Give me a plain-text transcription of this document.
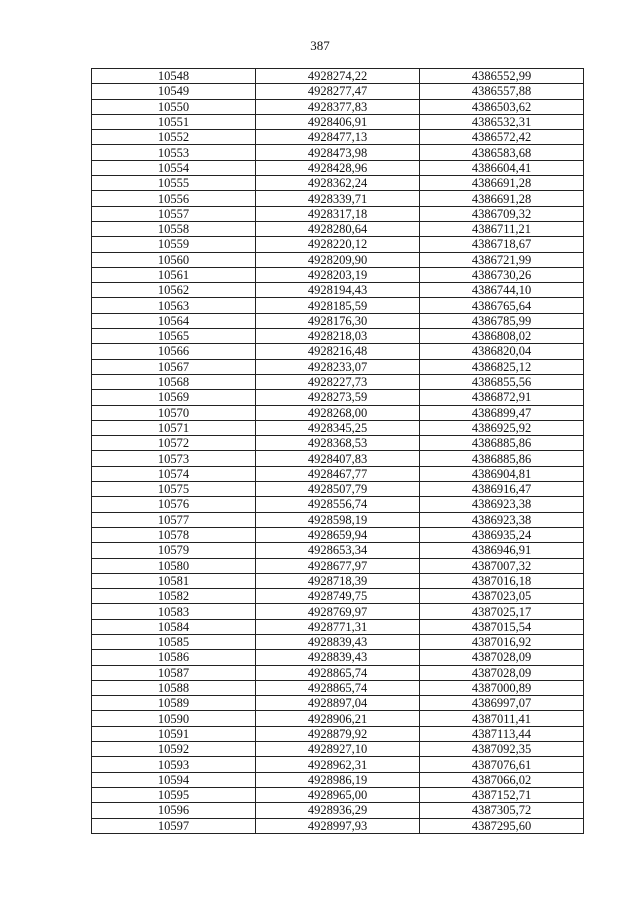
387
10548	4928274,22	4386552,99
10549	4928277,47	4386557,88
10550	4928377,83	4386503,62
10551	4928406,91	4386532,31
10552	4928477,13	4386572,42
10553	4928473,98	4386583,68
10554	4928428,96	4386604,41
10555	4928362,24	4386691,28
10556	4928339,71	4386691,28
10557	4928317,18	4386709,32
10558	4928280,64	4386711,21
10559	4928220,12	4386718,67
10560	4928209,90	4386721,99
10561	4928203,19	4386730,26
10562	4928194,43	4386744,10
10563	4928185,59	4386765,64
10564	4928176,30	4386785,99
10565	4928218,03	4386808,02
10566	4928216,48	4386820,04
10567	4928233,07	4386825,12
10568	4928227,73	4386855,56
10569	4928273,59	4386872,91
10570	4928268,00	4386899,47
10571	4928345,25	4386925,92
10572	4928368,53	4386885,86
10573	4928407,83	4386885,86
10574	4928467,77	4386904,81
10575	4928507,79	4386916,47
10576	4928556,74	4386923,38
10577	4928598,19	4386923,38
10578	4928659,94	4386935,24
10579	4928653,34	4386946,91
10580	4928677,97	4387007,32
10581	4928718,39	4387016,18
10582	4928749,75	4387023,05
10583	4928769,97	4387025,17
10584	4928771,31	4387015,54
10585	4928839,43	4387016,92
10586	4928839,43	4387028,09
10587	4928865,74	4387028,09
10588	4928865,74	4387000,89
10589	4928897,04	4386997,07
10590	4928906,21	4387011,41
10591	4928879,92	4387113,44
10592	4928927,10	4387092,35
10593	4928962,31	4387076,61
10594	4928986,19	4387066,02
10595	4928965,00	4387152,71
10596	4928936,29	4387305,72
10597	4928997,93	4387295,60
